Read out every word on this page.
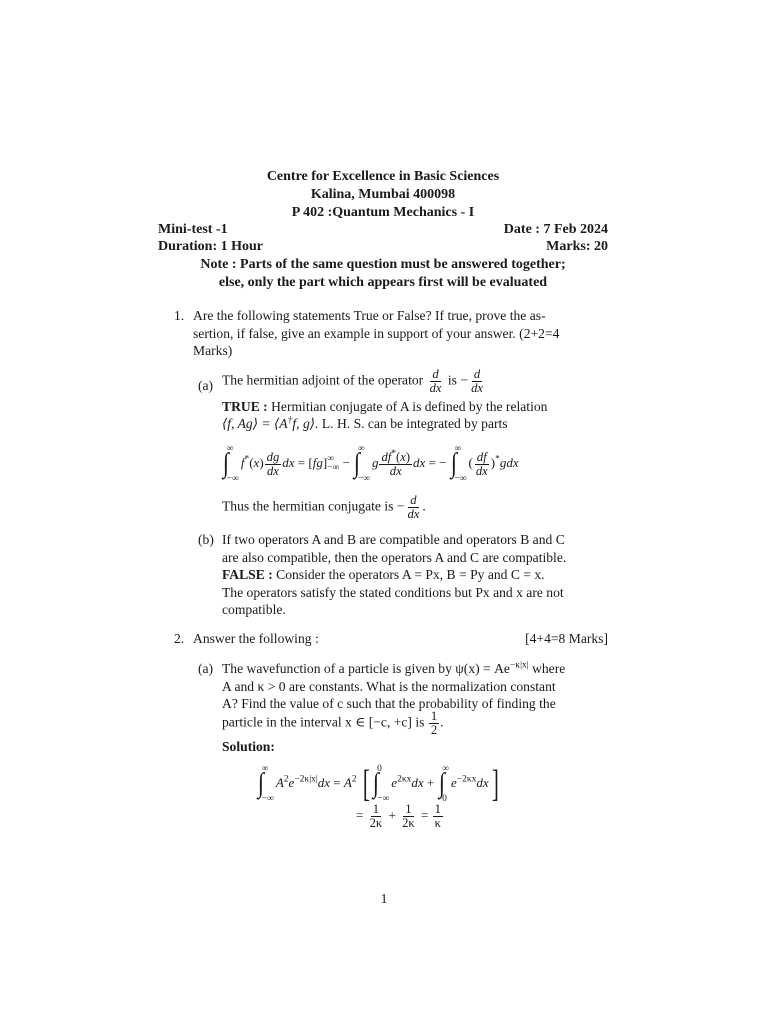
Centre for Excellence in Basic Sciences
Kalina, Mumbai 400098
P 402 :Quantum Mechanics - I
Mini-test -1	Date : 7 Feb 2024
Duration: 1 Hour	Marks: 20
Note : Parts of the same question must be answered together;
else, only the part which appears first will be evaluated
1. Are the following statements True or False? If true, prove the as-
sertion, if false, give an example in support of your answer. (2+2=4
Marks)
(a) The hermitian adjoint of the operator $\frac{d}{dx}$ is − $\frac{d}{dx}$
TRUE : Hermitian conjugate of A is defined by the relation
⟨f, Ag⟩ = ⟨A†f, g⟩. L. H. S. can be integrated by parts
∫
∞
−∞
$f^*(x) \frac{dg}{dx}$ dx = [fg] ∞
−∞ − ∫
∞
−∞
g $\frac{df^*(x)}{dx}$ dx = − ∫
∞
−∞
( $\frac{df}{dx} )^*gdx$
Thus the hermitian conjugate is − $\frac{d}{dx}$ .
(b) If two operators A and B are compatible and operators B and C
are also compatible, then the operators A and C are compatible.
FALSE : Consider the operators A = Px, B = Py and C = x.
The operators satisfy the stated conditions but Px and x are not
compatible.
2. Answer the following :	[4+4=8 Marks]
(a) The wavefunction of a particle is given by $\psi(x) = Ae^{-\kappa|x|}$ where
A and κ > 0 are constants. What is the normalization constant
A? Find the value of c such that the probability of finding the
particle in the interval x ∈ [−c, +c] is $\frac{1}{2}$ .
Solution:
∫
∞
−∞
$A^2e^{-2\kappa|x|}dx = A^2$ [ ∫
0
−∞
$e^{2\kappa x}dx$ + ∫
∞
0
$e^{-2\kappa x}dx$]
= $\frac{1}{2\kappa} + \frac{1}{2\kappa} = \frac{1}{\kappa}$
1
